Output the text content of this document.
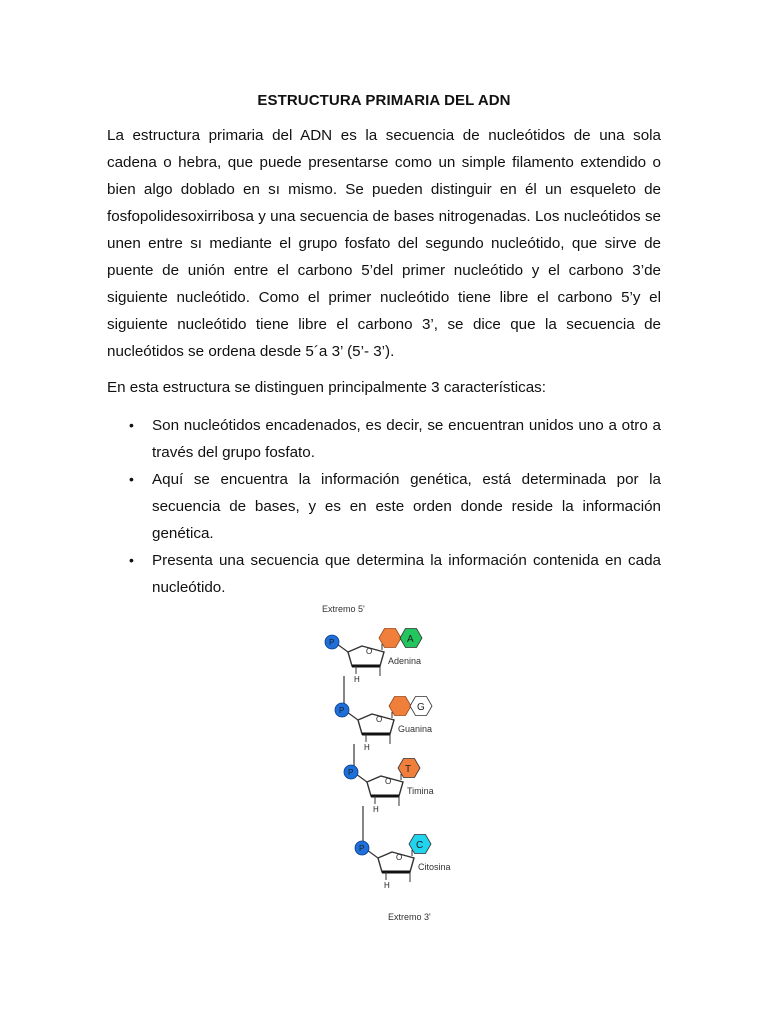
ESTRUCTURA PRIMARIA DEL ADN

La estructura primaria del ADN es la secuencia de nucleótidos de una sola cadena o hebra, que puede presentarse como un simple filamento extendido o bien algo doblado en sı mismo. Se pueden distinguir en él un esqueleto de fosfopolidesoxirribosa y una secuencia de bases nitrogenadas. Los nucleótidos se unen entre sı mediante el grupo fosfato del segundo nucleótido, que sirve de puente de unión entre el carbono 5’del primer nucleótido y el carbono 3’de siguiente nucleótido. Como el primer nucleótido tiene libre el carbono 5’y el siguiente nucleótido tiene libre el carbono 3’, se dice que la secuencia de nucleótidos se ordena desde 5´a 3’ (5’- 3’).

En esta estructura se distinguen principalmente 3 características:

• Son nucleótidos encadenados, es decir, se encuentran unidos uno a otro a través del grupo fosfato.
• Aquí se encuentra la información genética, está determinada por la secuencia de bases, y es en este orden donde reside la información genética.
• Presenta una secuencia que determina la información contenida en cada nucleótido.
Extremo 5'
Extremo 3'
O
P
H
A
Adenina
O
P
H
G
Guanina
O
P
H
T
Timina
O
P
H
C
Citosina
